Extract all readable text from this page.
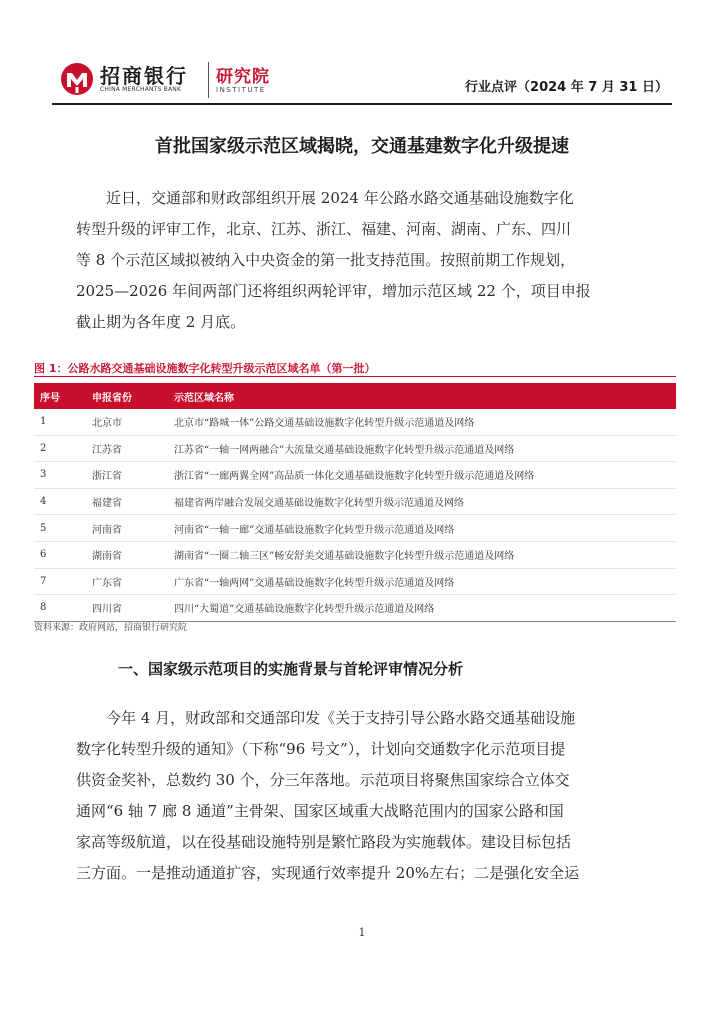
招商银行
CHINA MERCHANTS BANK
研究院
INSTITUTE	行业点评（2024 年 7 月 31 日）
首批国家级示范区域揭晓，交通基建数字化升级提速
近日，交通部和财政部组织开展 2024 年公路水路交通基础设施数字化
转型升级的评审工作，北京、江苏、浙江、福建、河南、湖南、广东、四川
等 8 个示范区域拟被纳入中央资金的第一批支持范围。按照前期工作规划，
2025—2026 年间两部门还将组织两轮评审，增加示范区域 22 个，项目申报
截止期为各年度 2 月底。
图 1：公路水路交通基础设施数字化转型升级示范区域名单（第一批）
序号	申报省份	示范区域名称
1	北京市	北京市“路城一体”公路交通基础设施数字化转型升级示范通道及网络
2	江苏省	江苏省“一轴一网两融合”大流量交通基础设施数字化转型升级示范通道及网络
3	浙江省	浙江省“一廊两翼全网”高品质一体化交通基础设施数字化转型升级示范通道及网络
4	福建省	福建省两岸融合发展交通基础设施数字化转型升级示范通道及网络
5	河南省	河南省“一轴一廊”交通基础设施数字化转型升级示范通道及网络
6	湖南省	湖南省“一圈二轴三区”畅安舒美交通基础设施数字化转型升级示范通道及网络
7	广东省	广东省“一轴两网”交通基础设施数字化转型升级示范通道及网络
8	四川省	四川“大蜀道”交通基础设施数字化转型升级示范通道及网络
资料来源：政府网站，招商银行研究院
一、国家级示范项目的实施背景与首轮评审情况分析
今年 4 月，财政部和交通部印发《关于支持引导公路水路交通基础设施
数字化转型升级的通知》（下称“96 号文”），计划向交通数字化示范项目提
供资金奖补，总数约 30 个，分三年落地。示范项目将聚焦国家综合立体交
通网“6 轴 7 廊 8 通道”主骨架、国家区域重大战略范围内的国家公路和国
家高等级航道，以在役基础设施特别是繁忙路段为实施载体。建设目标包括
三方面。一是推动通道扩容，实现通行效率提升 20%左右；二是强化安全运
1
